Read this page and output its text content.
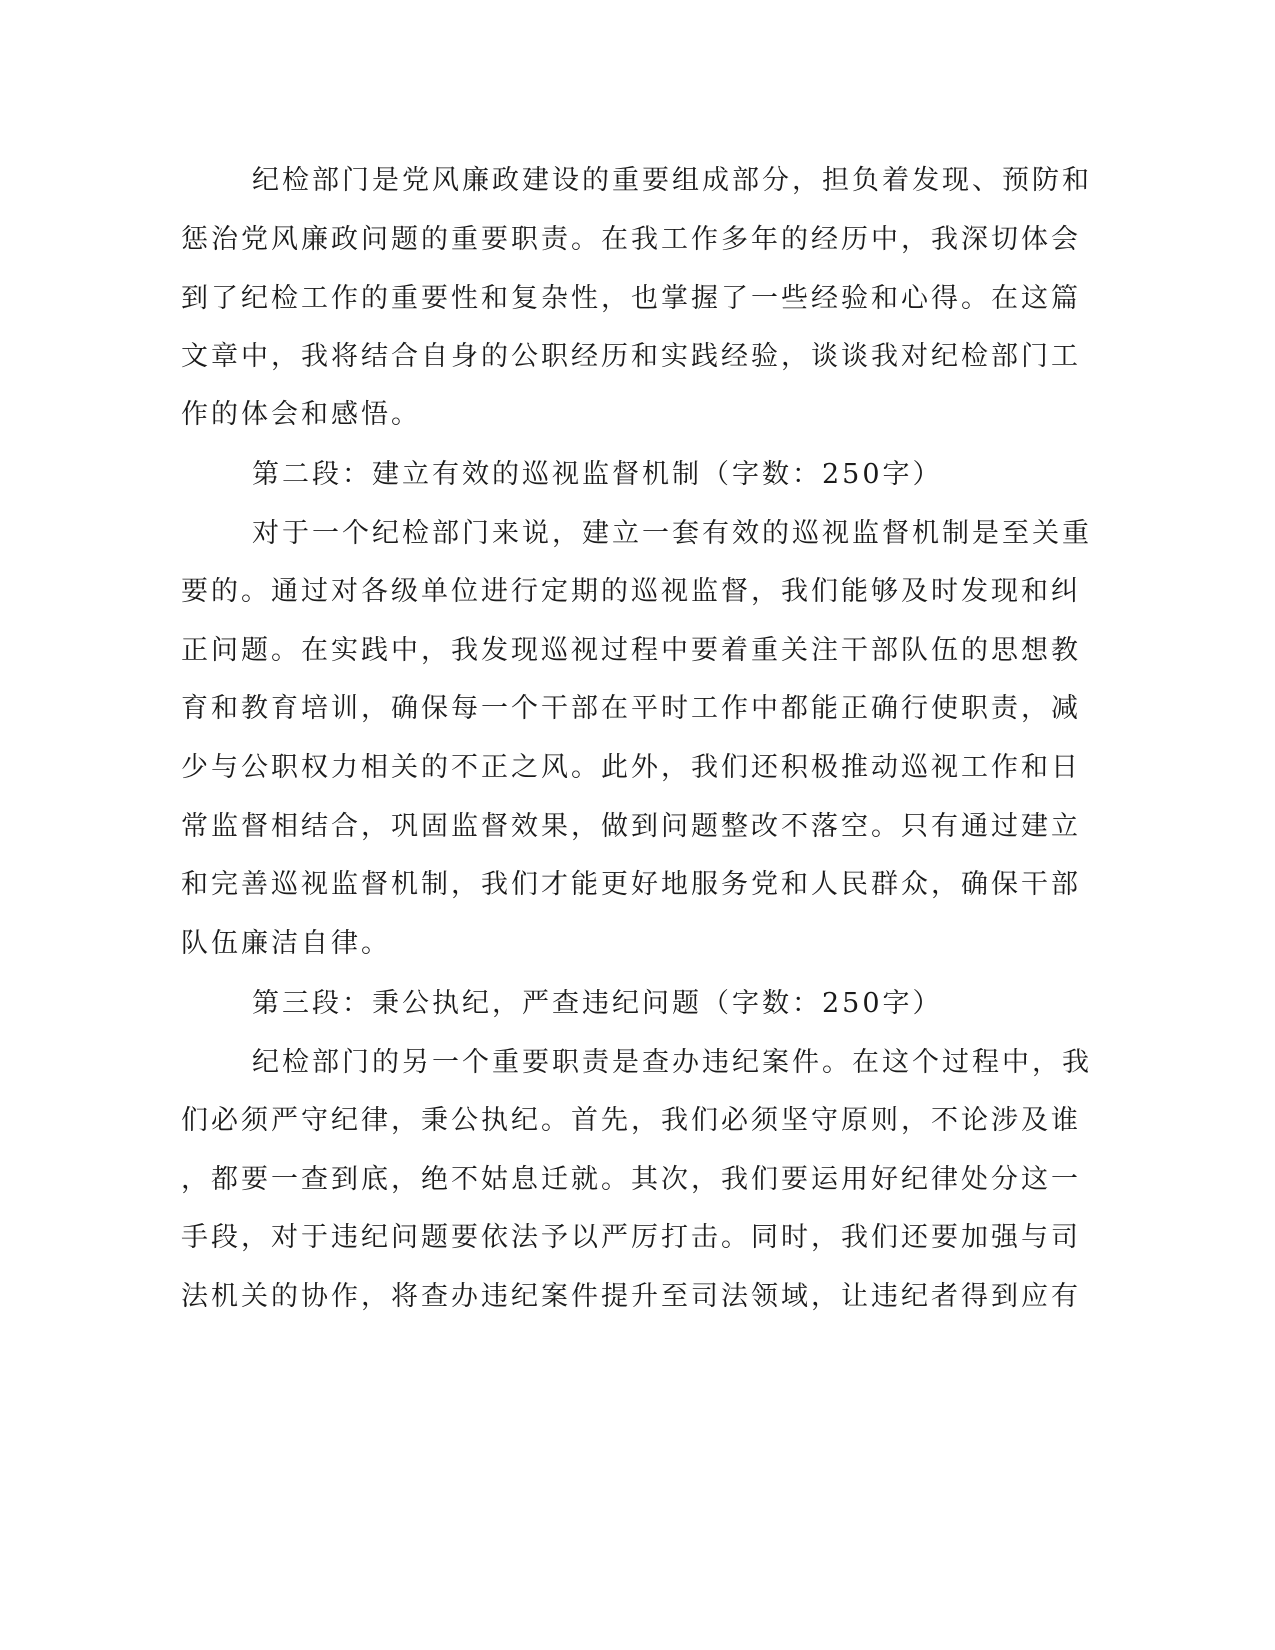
纪检部门是党风廉政建设的重要组成部分，担负着发现、预防和
惩治党风廉政问题的重要职责。在我工作多年的经历中，我深切体会
到了纪检工作的重要性和复杂性，也掌握了一些经验和心得。在这篇
文章中，我将结合自身的公职经历和实践经验，谈谈我对纪检部门工
作的体会和感悟。
第二段：建立有效的巡视监督机制（字数：250字）
对于一个纪检部门来说，建立一套有效的巡视监督机制是至关重
要的。通过对各级单位进行定期的巡视监督，我们能够及时发现和纠
正问题。在实践中，我发现巡视过程中要着重关注干部队伍的思想教
育和教育培训，确保每一个干部在平时工作中都能正确行使职责，减
少与公职权力相关的不正之风。此外，我们还积极推动巡视工作和日
常监督相结合，巩固监督效果，做到问题整改不落空。只有通过建立
和完善巡视监督机制，我们才能更好地服务党和人民群众，确保干部
队伍廉洁自律。
第三段：秉公执纪，严查违纪问题（字数：250字）
纪检部门的另一个重要职责是查办违纪案件。在这个过程中，我
们必须严守纪律，秉公执纪。首先，我们必须坚守原则，不论涉及谁
，都要一查到底，绝不姑息迁就。其次，我们要运用好纪律处分这一
手段，对于违纪问题要依法予以严厉打击。同时，我们还要加强与司
法机关的协作，将查办违纪案件提升至司法领域，让违纪者得到应有
